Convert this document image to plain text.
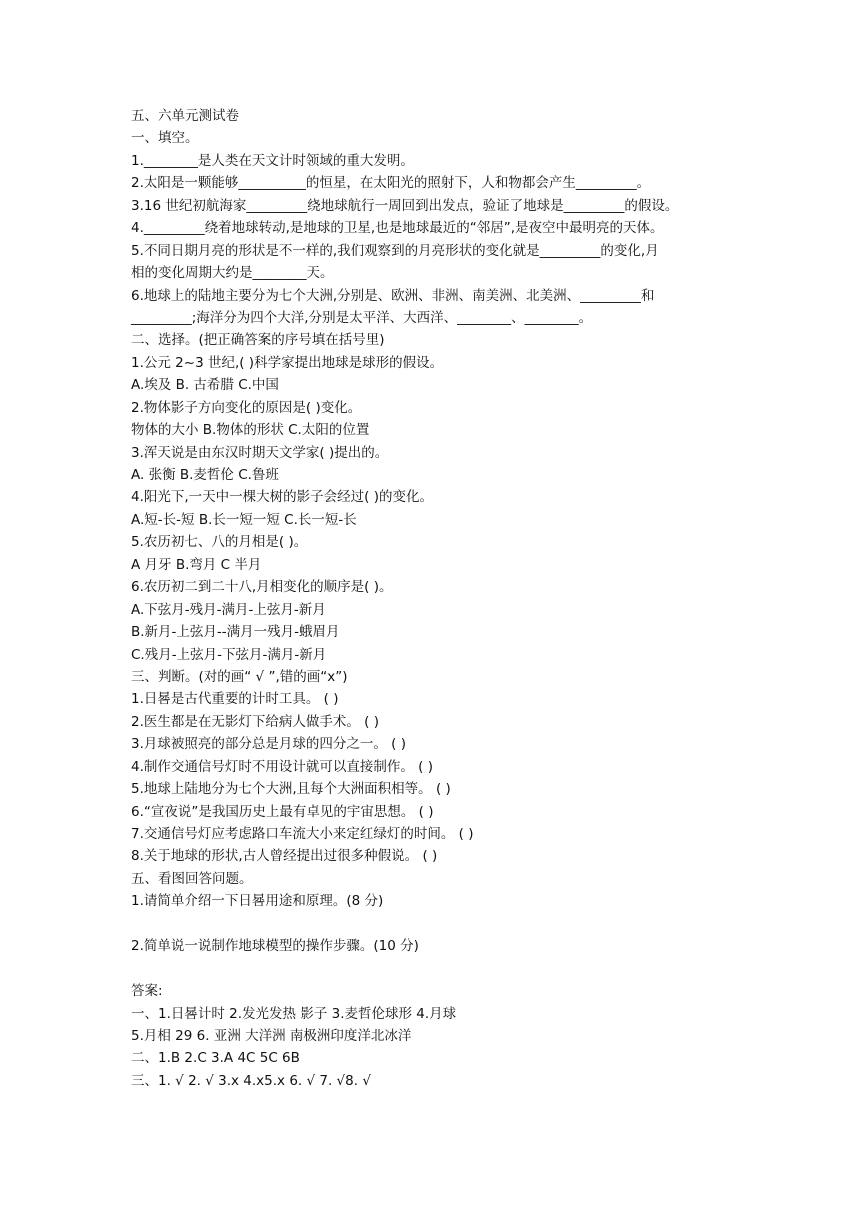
五、六单元测试卷
一、填空。
1.________是人类在天文计时领域的重大发明。
2.太阳是一颗能够__________的恒星，在太阳光的照射下，人和物都会产生_________。
3.16 世纪初航海家_________绕地球航行一周回到出发点，验证了地球是_________的假设。
4._________绕着地球转动,是地球的卫星,也是地球最近的“邻居”,是夜空中最明亮的天体。
5.不同日期月亮的形状是不一样的,我们观察到的月亮形状的变化就是_________的变化,月
相的变化周期大约是________天。
6.地球上的陆地主要分为七个大洲,分别是、欧洲、非洲、南美洲、北美洲、_________和
_________;海洋分为四个大洋,分别是太平洋、大西洋、________、________。
二、选择。(把正确答案的序号填在括号里)
1.公元 2~3 世纪,( )科学家提出地球是球形的假设。
A.埃及 B. 古希腊 C.中国
2.物体影子方向变化的原因是( )变化。
物体的大小 B.物体的形状 C.太阳的位置
3.浑天说是由东汉时期天文学家( )提出的。
A. 张衡 B.麦哲伦 C.鲁班
4.阳光下,一天中一棵大树的影子会经过( )的变化。
A.短-长-短 B.长一短一短 C.长一短-长
5.农历初七、八的月相是( )。
A 月牙 B.弯月 C 半月
6.农历初二到二十八,月相变化的顺序是( )。
A.下弦月-残月-满月-上弦月-新月
B.新月-上弦月--满月一残月-蛾眉月
C.残月-上弦月-下弦月-满月-新月
三、判断。(对的画“ √ ”,错的画“x”)
1.日晷是古代重要的计时工具。 ( )
2.医生都是在无影灯下给病人做手术。 ( )
3.月球被照亮的部分总是月球的四分之一。 ( )
4.制作交通信号灯时不用设计就可以直接制作。 ( )
5.地球上陆地分为七个大洲,且每个大洲面积相等。 ( )
6.“宣夜说”是我国历史上最有卓见的宇宙思想。 ( )
7.交通信号灯应考虑路口车流大小来定红绿灯的时间。 ( )
8.关于地球的形状,古人曾经提出过很多种假说。 ( )
五、看图回答问题。
1.请简单介绍一下日晷用途和原理。(8 分)
2.简单说一说制作地球模型的操作步骤。(10 分)
答案:
一、1.日晷计时 2.发光发热 影子 3.麦哲伦球形 4.月球
5.月相 29 6. 亚洲 大洋洲 南极洲印度洋北冰洋
二、1.B 2.C 3.A 4C 5C 6B
三、1. √ 2. √ 3.x 4.x5.x 6. √ 7. √8. √
